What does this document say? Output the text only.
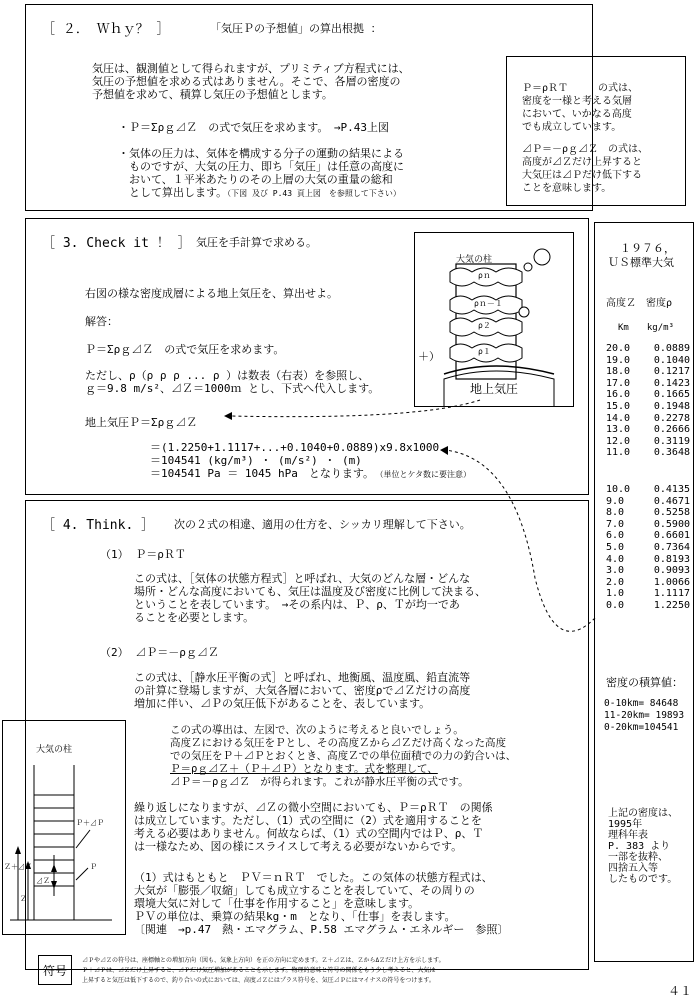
［ ２． Ｗｈｙ？ ］	「気圧Ｐの予想値」の算出根拠 ：
気圧は、観測値として得られますが、プリミティブ方程式には、
気圧の予想値を求める式はありません。そこで、各層の密度の
予想値を求めて、積算し気圧の予想値とします。
・Ｐ＝Σρｇ⊿Ｚ　の式で気圧を求めます。　→P.43上図
・気体の圧力は、気体を構成する分子の運動の結果による
　ものですが、大気の圧力、即ち「気圧」は任意の高度に
　おいて、１平米あたりのその上層の大気の重量の総和
　として算出します。（下図 及び P.43 頁上図　を参照して下さい）
Ｐ＝ρＲＴ　　　の式は、
密度を一様と考える気層
において、いかなる高度
でも成立しています。
⊿Ｐ＝－ρｇ⊿Ｚ　の式は、
高度が⊿Ｚだけ上昇すると
大気圧は⊿Ｐだけ低下する
ことを意味します。
［ 3. Check it ！ ］ 気圧を手計算で求める。
右図の様な密度成層による地上気圧を、算出せよ。
解答：
Ｐ＝Σρｇ⊿Ｚ　の式で気圧を求めます。
ただし、ρ（ρ ρ ρ ... ρ ）は数表（右表）を参照し、
ｇ＝9.8 m/s²、⊿Ｚ＝1000ｍ とし、下式へ代入します。
地上気圧Ｐ＝Σρｇ⊿Ｚ
＝(1.2250+1.1117+...+0.1040+0.0889)x9.8x1000
＝104541 (kg/m³) ・ (m/s²) ・ (m)
＝104541 Pa ＝ 1045 hPa　となります。　 （単位とケタ数に要注意）
大気の柱
ρｎ
ρｎ－１
ρ２
ρ１
＋）
地上気圧
１９７６，
ＵＳ標準大気
高度Ｚ　密度ρ
Km　　 kg/m³
20.0 0.0889
19.0 0.1040
18.0 0.1217
17.0 0.1423
16.0 0.1665
15.0 0.1948
14.0 0.2278
13.0 0.2666
12.0 0.3119
11.0 0.3648
10.0 0.4135
9.0	0.4671
8.0	0.5258
7.0	0.5900
6.0	0.6601
5.0	0.7364
4.0	0.8193
3.0	0.9093
2.0	1.0066
1.0	1.1117
0.0	1.2250
密度の積算値：
0-10km= 84648
11-20km= 19893
0-20km=104541
上記の密度は、
1995年
理科年表
P. 383 より
一部を抜粋、
四捨五入等
したものです。
［ 4. Think. ］ 次の２式の相違、適用の仕方を、シッカリ理解して下さい。
（1） Ｐ＝ρＲＴ
この式は、［気体の状態方程式］と呼ばれ、大気のどんな層・どんな
場所・どんな高度においても、気圧は温度及び密度に比例して決まる、
ということを表しています。　→その系内は、Ｐ、ρ、Ｔが均一であ
ることを必要とします。
（2） ⊿Ｐ＝－ρｇ⊿Ｚ
この式は、［静水圧平衡の式］と呼ばれ、地衡風、温度風、鉛直流等
の計算に登場しますが、大気各層において、密度ρで⊿Ｚだけの高度
増加に伴い、⊿Ｐの気圧低下があることを、表しています。
この式の導出は、左図で、次のように考えると良いでしょう。
高度Ｚにおける気圧をＰとし、その高度Ｚから⊿Ｚだけ高くなった高度
での気圧をＰ＋⊿Ｐとおくとき、高度Ｚでの単位面積での力の釣合いは、
Ｐ＝ρｇ⊿Ｚ＋（Ｐ＋⊿Ｐ）となります。式を整理して、
⊿Ｐ＝－ρｇ⊿Ｚ　が得られます。これが静水圧平衡の式です。
繰り返しになりますが、⊿Ｚの微小空間においても、Ｐ＝ρＲＴ　の関係
は成立しています。ただし、（1）式の空間に（2）式を適用することを
考える必要はありません。何故ならば、（1）式の空間内ではＰ、ρ、Ｔ
は一様なため、図の様にスライスして考える必要がないからです。
（1）式はもともと　ＰＶ＝ｎＲＴ　でした。この気体の状態方程式は、
大気が「膨張／収縮」しても成立することを表していて、その周りの
環境大気に対して「仕事を作用すること」を意味します。
ＰＶの単位は、乗算の結果kg・m　となり、「仕事」を表します。
〔関連　→p.47　熱・エマグラム、P.58 エマグラム・エネルギー　参照〕
大気の柱
Ｐ＋⊿Ｐ
Ｐ
Ｚ＋⊿Ｚ
⊿Ｚ
Ｚ
符号
⊿Ｐや⊿Ｚの符号は、座標軸との増加方向（図も、気象上方向）を正の方向に定めます。Ｚ＋⊿Ｚは、ＺからΔＺだけ上方を示します。
Ｐ＋⊿Ｐは、⊿Ｚだけ上昇すると、⊿Ｐだけ気圧増加があることを示します。物理的意味と符号の関係をもう少し考えると、大気は
上昇すると気圧は低下するので、釣り合いの式においては、高度⊿Ｚにはプラス符号を、気圧⊿Ｐにはマイナスの符号をつけます。
４１
